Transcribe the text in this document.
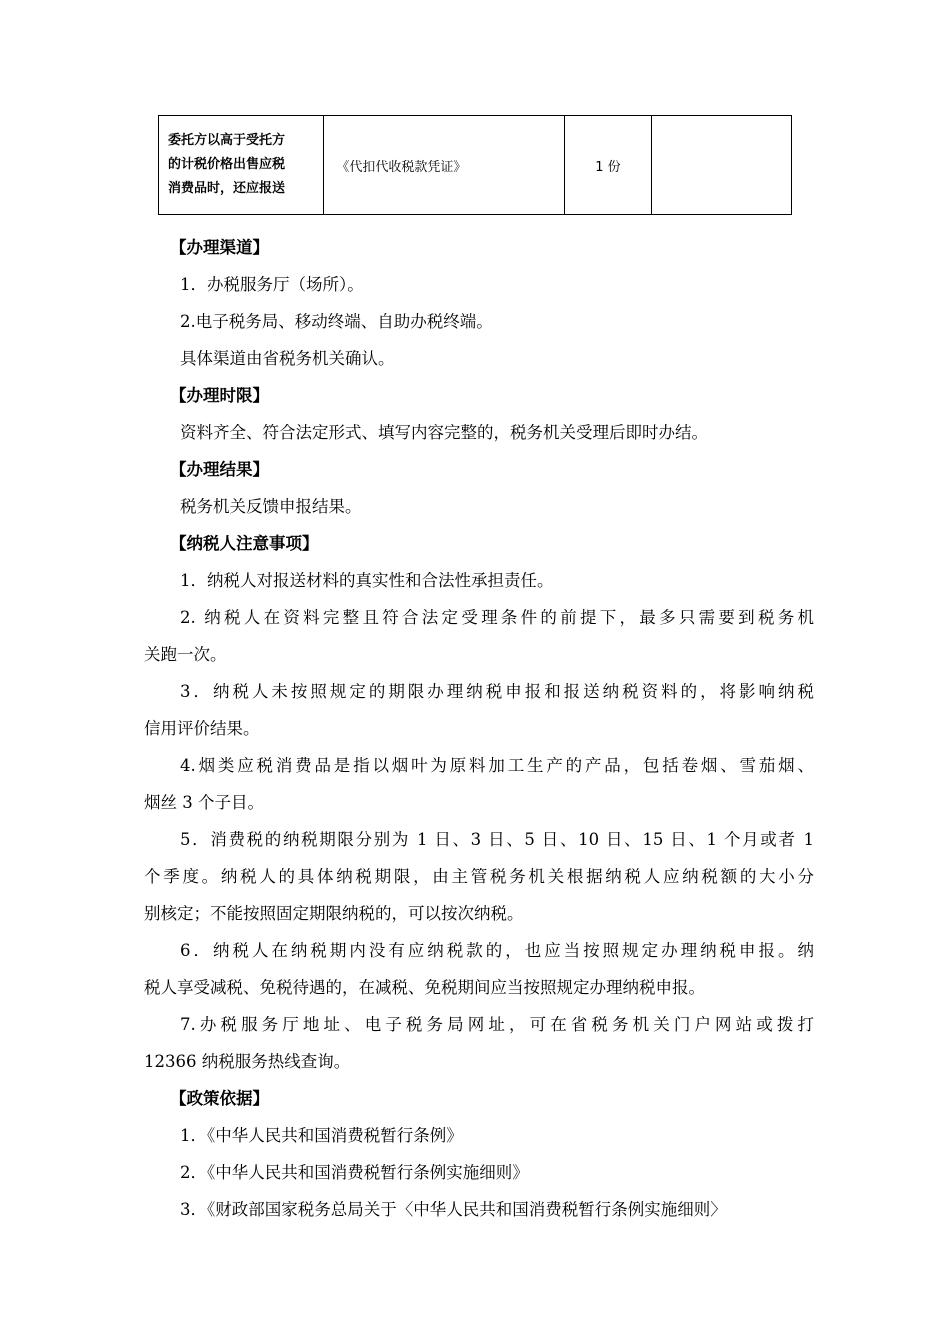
委托方以高于受托方
的计税价格出售应税
消费品时，还应报送
	《代扣代收税款凭证》	1 份	
【办理渠道】
1．办税服务厅（场所）。
2.电子税务局、移动终端、自助办税终端。
具体渠道由省税务机关确认。
【办理时限】
资料齐全、符合法定形式、填写内容完整的，税务机关受理后即时办结。
【办理结果】
税务机关反馈申报结果。
【纳税人注意事项】
1．纳税人对报送材料的真实性和合法性承担责任。
2. 纳税人在资料完整且符合法定受理条件的前提下，最多只需要到税务机
关跑一次。
3．纳税人未按照规定的期限办理纳税申报和报送纳税资料的，将影响纳税
信用评价结果。
4.烟类应税消费品是指以烟叶为原料加工生产的产品，包括卷烟、雪茄烟、
烟丝 3 个子目。
5．消费税的纳税期限分别为 1 日、3 日、5 日、10 日、15 日、1 个月或者 1
个季度。纳税人的具体纳税期限，由主管税务机关根据纳税人应纳税额的大小分
别核定；不能按照固定期限纳税的，可以按次纳税。
6．纳税人在纳税期内没有应纳税款的，也应当按照规定办理纳税申报。纳
税人享受减税、免税待遇的，在减税、免税期间应当按照规定办理纳税申报。
7.办税服务厅地址、电子税务局网址，可在省税务机关门户网站或拨打
12366 纳税服务热线查询。
【政策依据】
1．《中华人民共和国消费税暂行条例》
2．《中华人民共和国消费税暂行条例实施细则》
3．《财政部国家税务总局关于〈中华人民共和国消费税暂行条例实施细则〉
